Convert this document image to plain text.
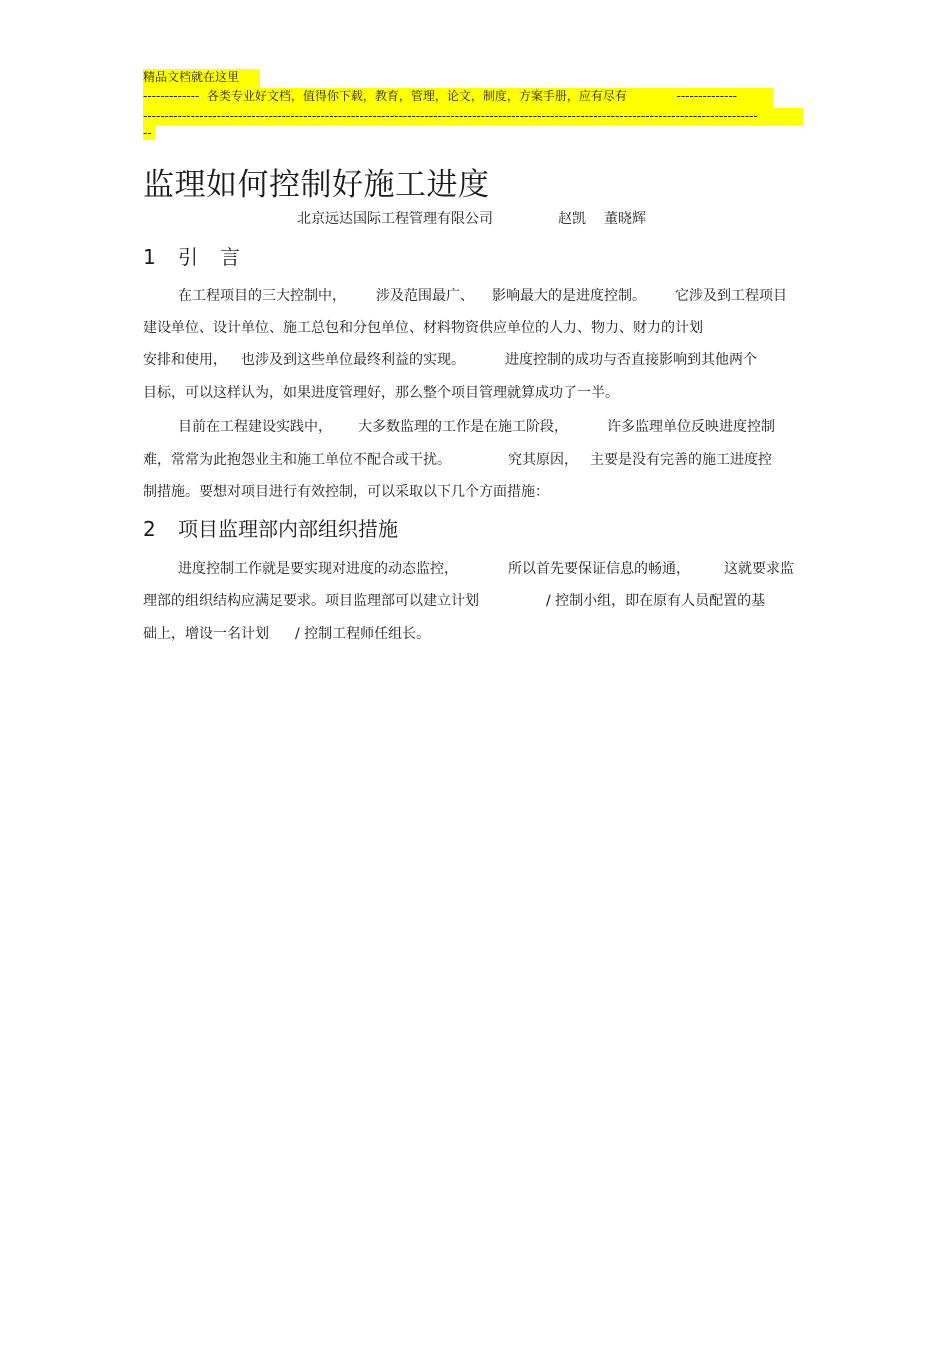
精品文档就在这里
-------------  各类专业好文档，值得你下载，教育，管理，论文，制度，方案手册，应有尽有             --------------
----------------------------------------------------------------------------------------------------------------------------------------------
--
监理如何控制好施工进度
北京远达国际工程管理有限公司	赵凯 董晓辉
1 引言
在工程项目的三大控制中， 涉及范围最广、 影响最大的是进度控制。 它涉及到工程项目
建设单位、设计单位、施工总包和分包单位、材料物资供应单位的人力、物力、财力的计划
安排和使用， 也涉及到这些单位最终利益的实现。	进度控制的成功与否直接影响到其他两个
目标，可以这样认为，如果进度管理好，那么整个项目管理就算成功了一半。
目前在工程建设实践中， 大多数监理的工作是在施工阶段，	许多监理单位反映进度控制
难，常常为此抱怨业主和施工单位不配合或干扰。	究其原因， 主要是没有完善的施工进度控
制措施。要想对项目进行有效控制，可以采取以下几个方面措施：
2 项目监理部内部组织措施
进度控制工作就是要实现对进度的动态监控，	所以首先要保证信息的畅通， 这就要求监
理部的组织结构应满足要求。项目监理部可以建立计划	/ 控制小组，即在原有人员配置的基
础上，增设一名计划 / 控制工程师任组长。
